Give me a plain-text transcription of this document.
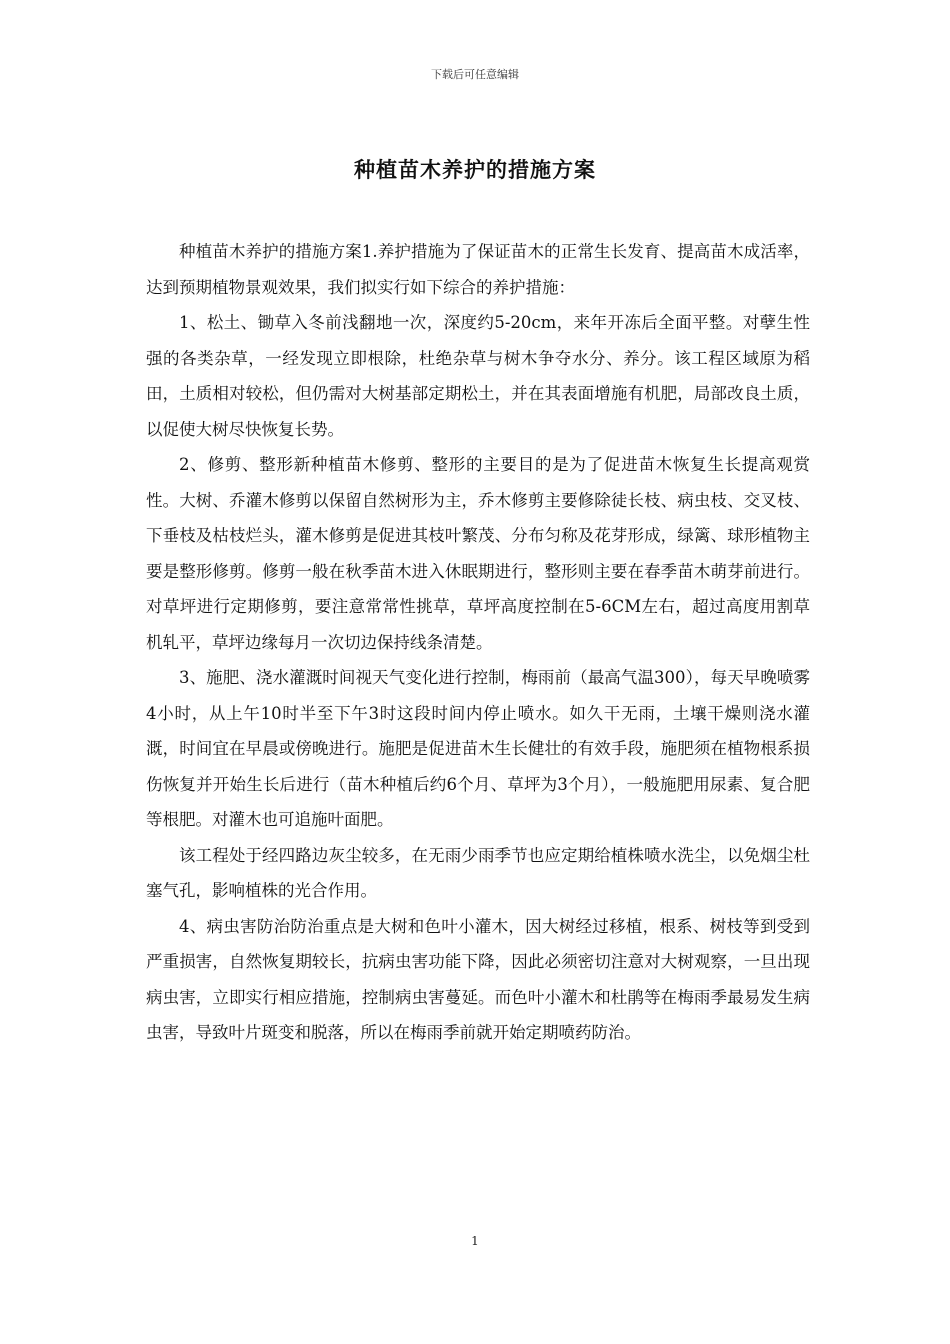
下载后可任意编辑
种植苗木养护的措施方案

种植苗木养护的措施方案1.养护措施为了保证苗木的正常生长发育、提高苗木成活率，达到预期植物景观效果，我们拟实行如下综合的养护措施：

1、松土、锄草入冬前浅翻地一次，深度约5-20cm，来年开冻后全面平整。对孽生性强的各类杂草，一经发现立即根除，杜绝杂草与树木争夺水分、养分。该工程区域原为稻田，土质相对较松，但仍需对大树基部定期松土，并在其表面增施有机肥，局部改良土质，以促使大树尽快恢复长势。

2、修剪、整形新种植苗木修剪、整形的主要目的是为了促进苗木恢复生长提高观赏性。大树、乔灌木修剪以保留自然树形为主，乔木修剪主要修除徒长枝、病虫枝、交叉枝、下垂枝及枯枝烂头，灌木修剪是促进其枝叶繁茂、分布匀称及花芽形成，绿篱、球形植物主要是整形修剪。修剪一般在秋季苗木进入休眠期进行，整形则主要在春季苗木萌芽前进行。对草坪进行定期修剪，要注意常常性挑草，草坪高度控制在5-6CM左右，超过高度用割草机轧平，草坪边缘每月一次切边保持线条清楚。

3、施肥、浇水灌溉时间视天气变化进行控制，梅雨前（最高气温300），每天早晚喷雾4小时，从上午10时半至下午3时这段时间内停止喷水。如久干无雨，土壤干燥则浇水灌溉，时间宜在早晨或傍晚进行。施肥是促进苗木生长健壮的有效手段，施肥须在植物根系损伤恢复并开始生长后进行（苗木种植后约6个月、草坪为3个月），一般施肥用尿素、复合肥等根肥。对灌木也可追施叶面肥。

该工程处于经四路边灰尘较多，在无雨少雨季节也应定期给植株喷水洗尘，以免烟尘杜塞气孔，影响植株的光合作用。

4、病虫害防治防治重点是大树和色叶小灌木，因大树经过移植，根系、树枝等到受到严重损害，自然恢复期较长，抗病虫害功能下降，因此必须密切注意对大树观察，一旦出现病虫害，立即实行相应措施，控制病虫害蔓延。而色叶小灌木和杜鹃等在梅雨季最易发生病虫害，导致叶片斑变和脱落，所以在梅雨季前就开始定期喷药防治。

1
